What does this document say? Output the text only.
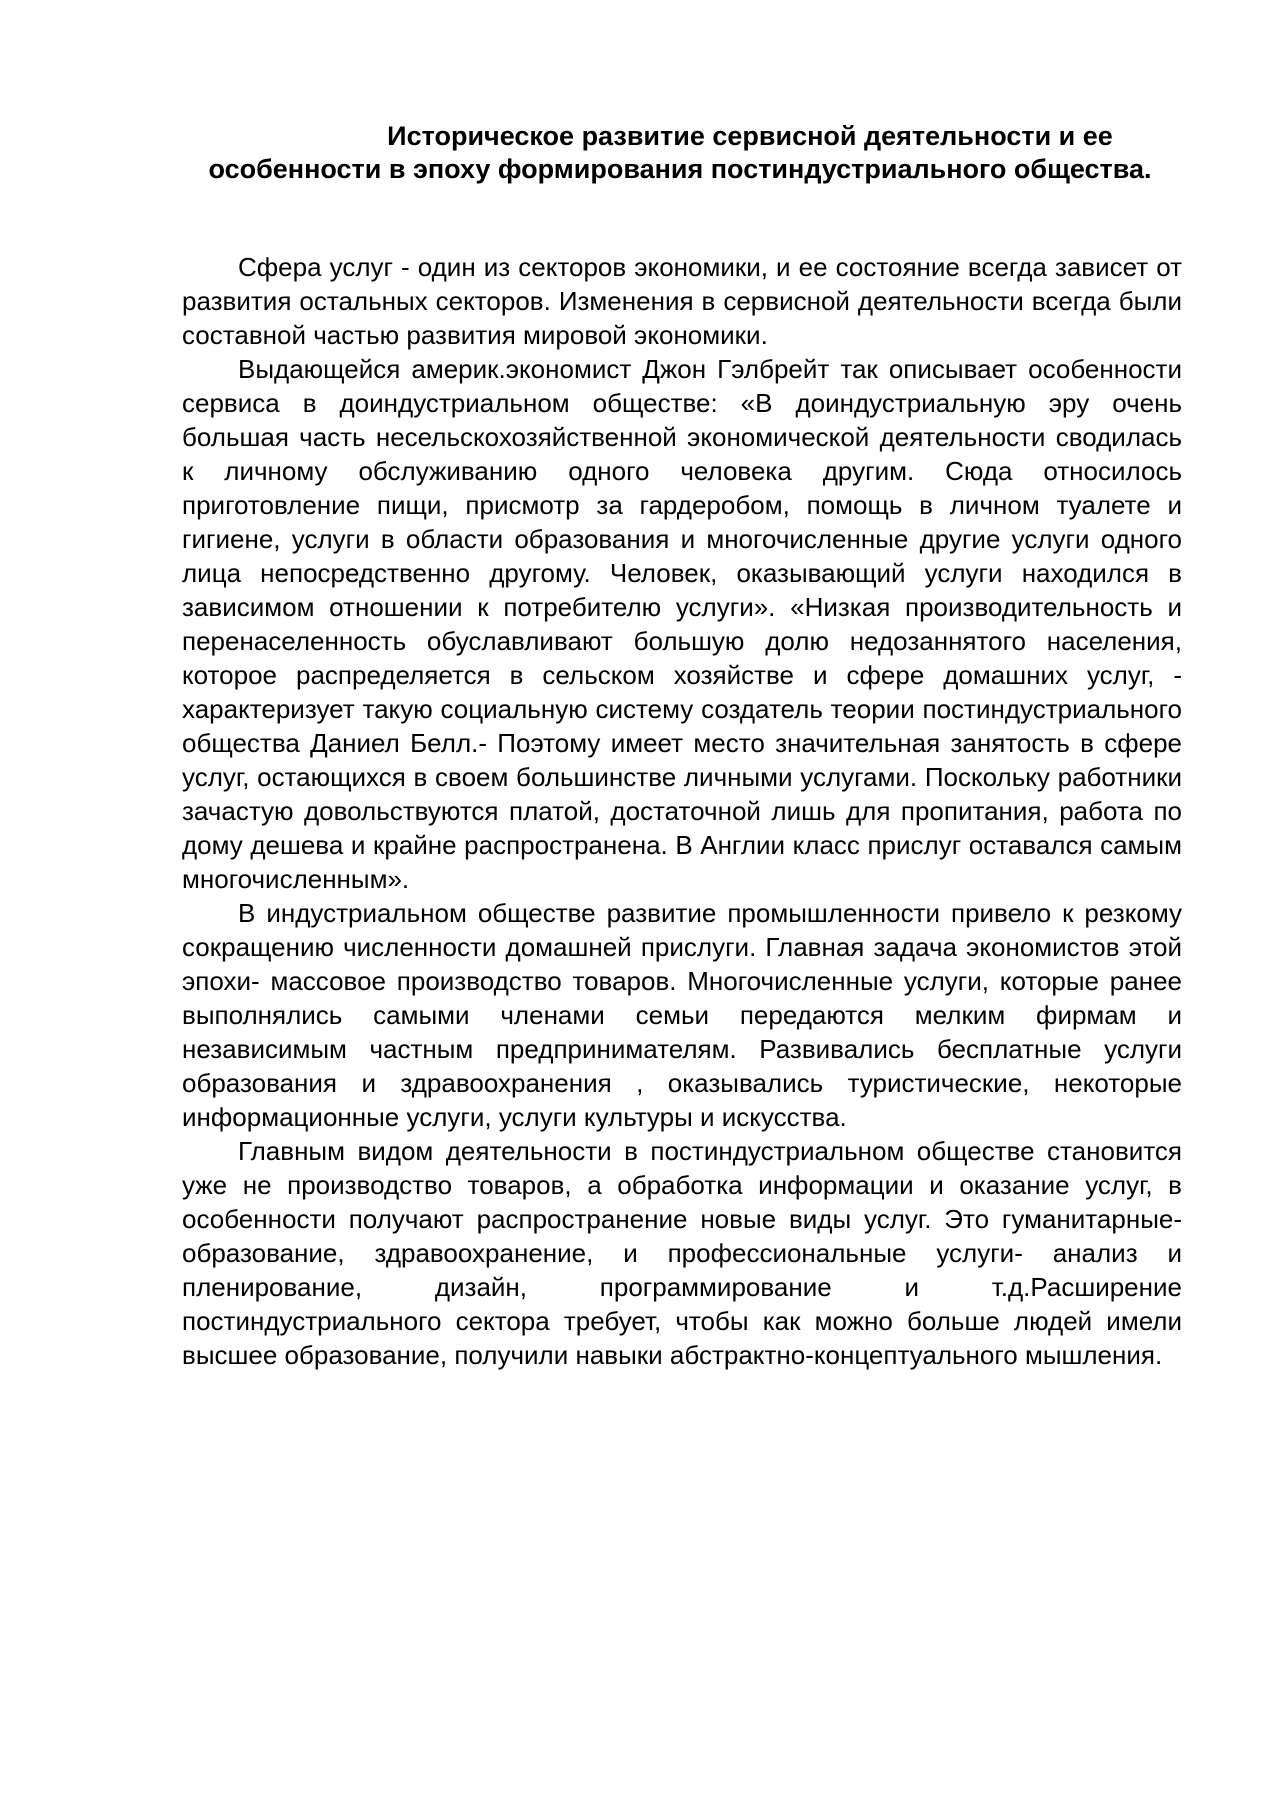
Историческое развитие сервисной деятельности и ее особенности в эпоху формирования постиндустриального общества.

Сфера услуг - один из секторов экономики, и ее состояние всегда зависет от развития остальных секторов. Изменения в сервисной деятельности всегда были составной частью развития мировой экономики.

Выдающейся америк.экономист Джон Гэлбрейт так описывает особенности сервиса в доиндустриальном обществе: «В доиндустриальную эру очень большая часть несельскохозяйственной экономической деятельности сводилась к личному обслуживанию одного человека другим. Сюда относилось приготовление пищи, присмотр за гардеробом, помощь в личном туалете и гигиене, услуги в области образования и многочисленные другие услуги одного лица непосредственно другому. Человек, оказывающий услуги находился в зависимом отношении к потребителю услуги». «Низкая производительность и перенаселенность обуславливают большую долю недозаннятого населения, которое распределяется в сельском хозяйстве и сфере домашних услуг, - характеризует такую социальную систему создатель теории постиндустриального общества Даниел Белл.- Поэтому имеет место значительная занятость в сфере услуг, остающихся в своем большинстве личными услугами. Поскольку работники зачастую довольствуются платой, достаточной лишь для пропитания, работа по дому дешева и крайне распространена. В Англии класс прислуг оставался самым многочисленным».

В индустриальном обществе развитие промышленности привело к резкому сокращению численности домашней прислуги. Главная задача экономистов этой эпохи- массовое производство товаров. Многочисленные услуги, которые ранее выполнялись самыми членами семьи передаются мелким фирмам и независимым частным предпринимателям. Развивались бесплатные услуги образования и здравоохранения , оказывались туристические, некоторые информационные услуги, услуги культуры и искусства.

Главным видом деятельности в постиндустриальном обществе становится уже не производство товаров, а обработка информации и оказание услуг, в особенности получают распространение новые виды услуг. Это гуманитарные- образование, здравоохранение, и профессиональные услуги- анализ и пленирование, дизайн, программирование и т.д.Расширение постиндустриального сектора требует, чтобы как можно больше людей имели высшее образование, получили навыки абстрактно-концептуального мышления.
